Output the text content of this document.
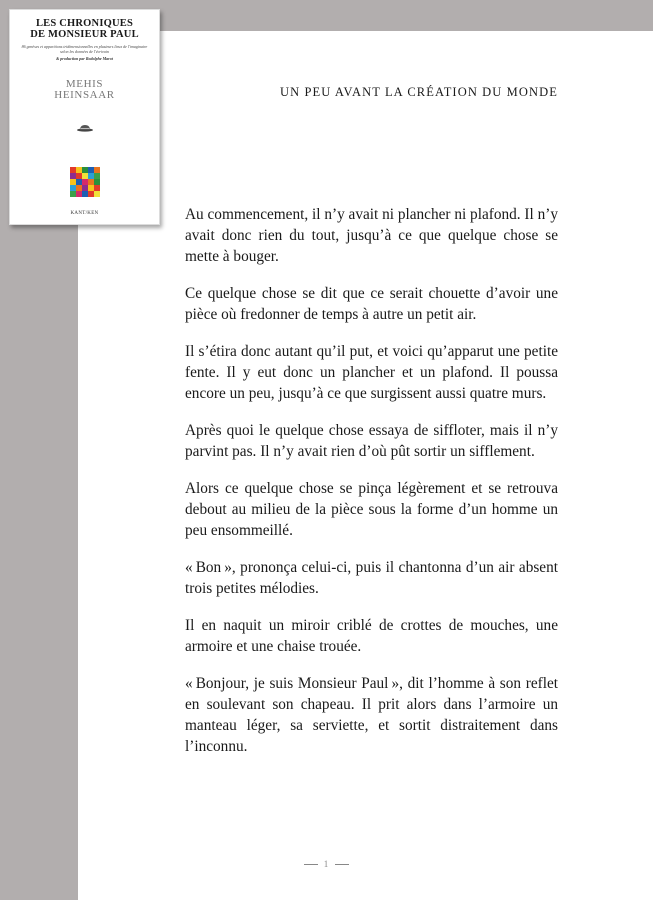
LES CHRONIQUES
DE MONSIEUR PAUL
86 genèses et apparitions tridimensionnelles en plusieurs lieux de l'imaginaire selon les données de l'écrivain
& production par Rodolphe Marot
MEHIS
HEINSAAR
KANT/KEN
UN PEU AVANT LA CRÉATION DU MONDE

Au commencement, il n’y avait ni plancher ni plafond. Il n’y avait donc rien du tout, jusqu’à ce que quelque chose se mette à bouger.

Ce quelque chose se dit que ce serait chouette d’avoir une pièce où fredonner de temps à autre un petit air.

Il s’étira donc autant qu’il put, et voici qu’apparut une petite fente. Il y eut donc un plancher et un plafond. Il poussa encore un peu, jusqu’à ce que surgissent aussi quatre murs.

Après quoi le quelque chose essaya de siffloter, mais il n’y parvint pas. Il n’y avait rien d’où pût sortir un sifflement.

Alors ce quelque chose se pinça légèrement et se retrouva debout au milieu de la pièce sous la forme d’un homme un peu ensommeillé.

« Bon », prononça celui-ci, puis il chantonna d’un air absent trois petites mélodies.

Il en naquit un miroir criblé de crottes de mouches, une armoire et une chaise trouée.

« Bonjour, je suis Monsieur Paul », dit l’homme à son reflet en soulevant son chapeau. Il prit alors dans l’armoire un manteau léger, sa serviette, et sortit distraitement dans l’inconnu.

1
